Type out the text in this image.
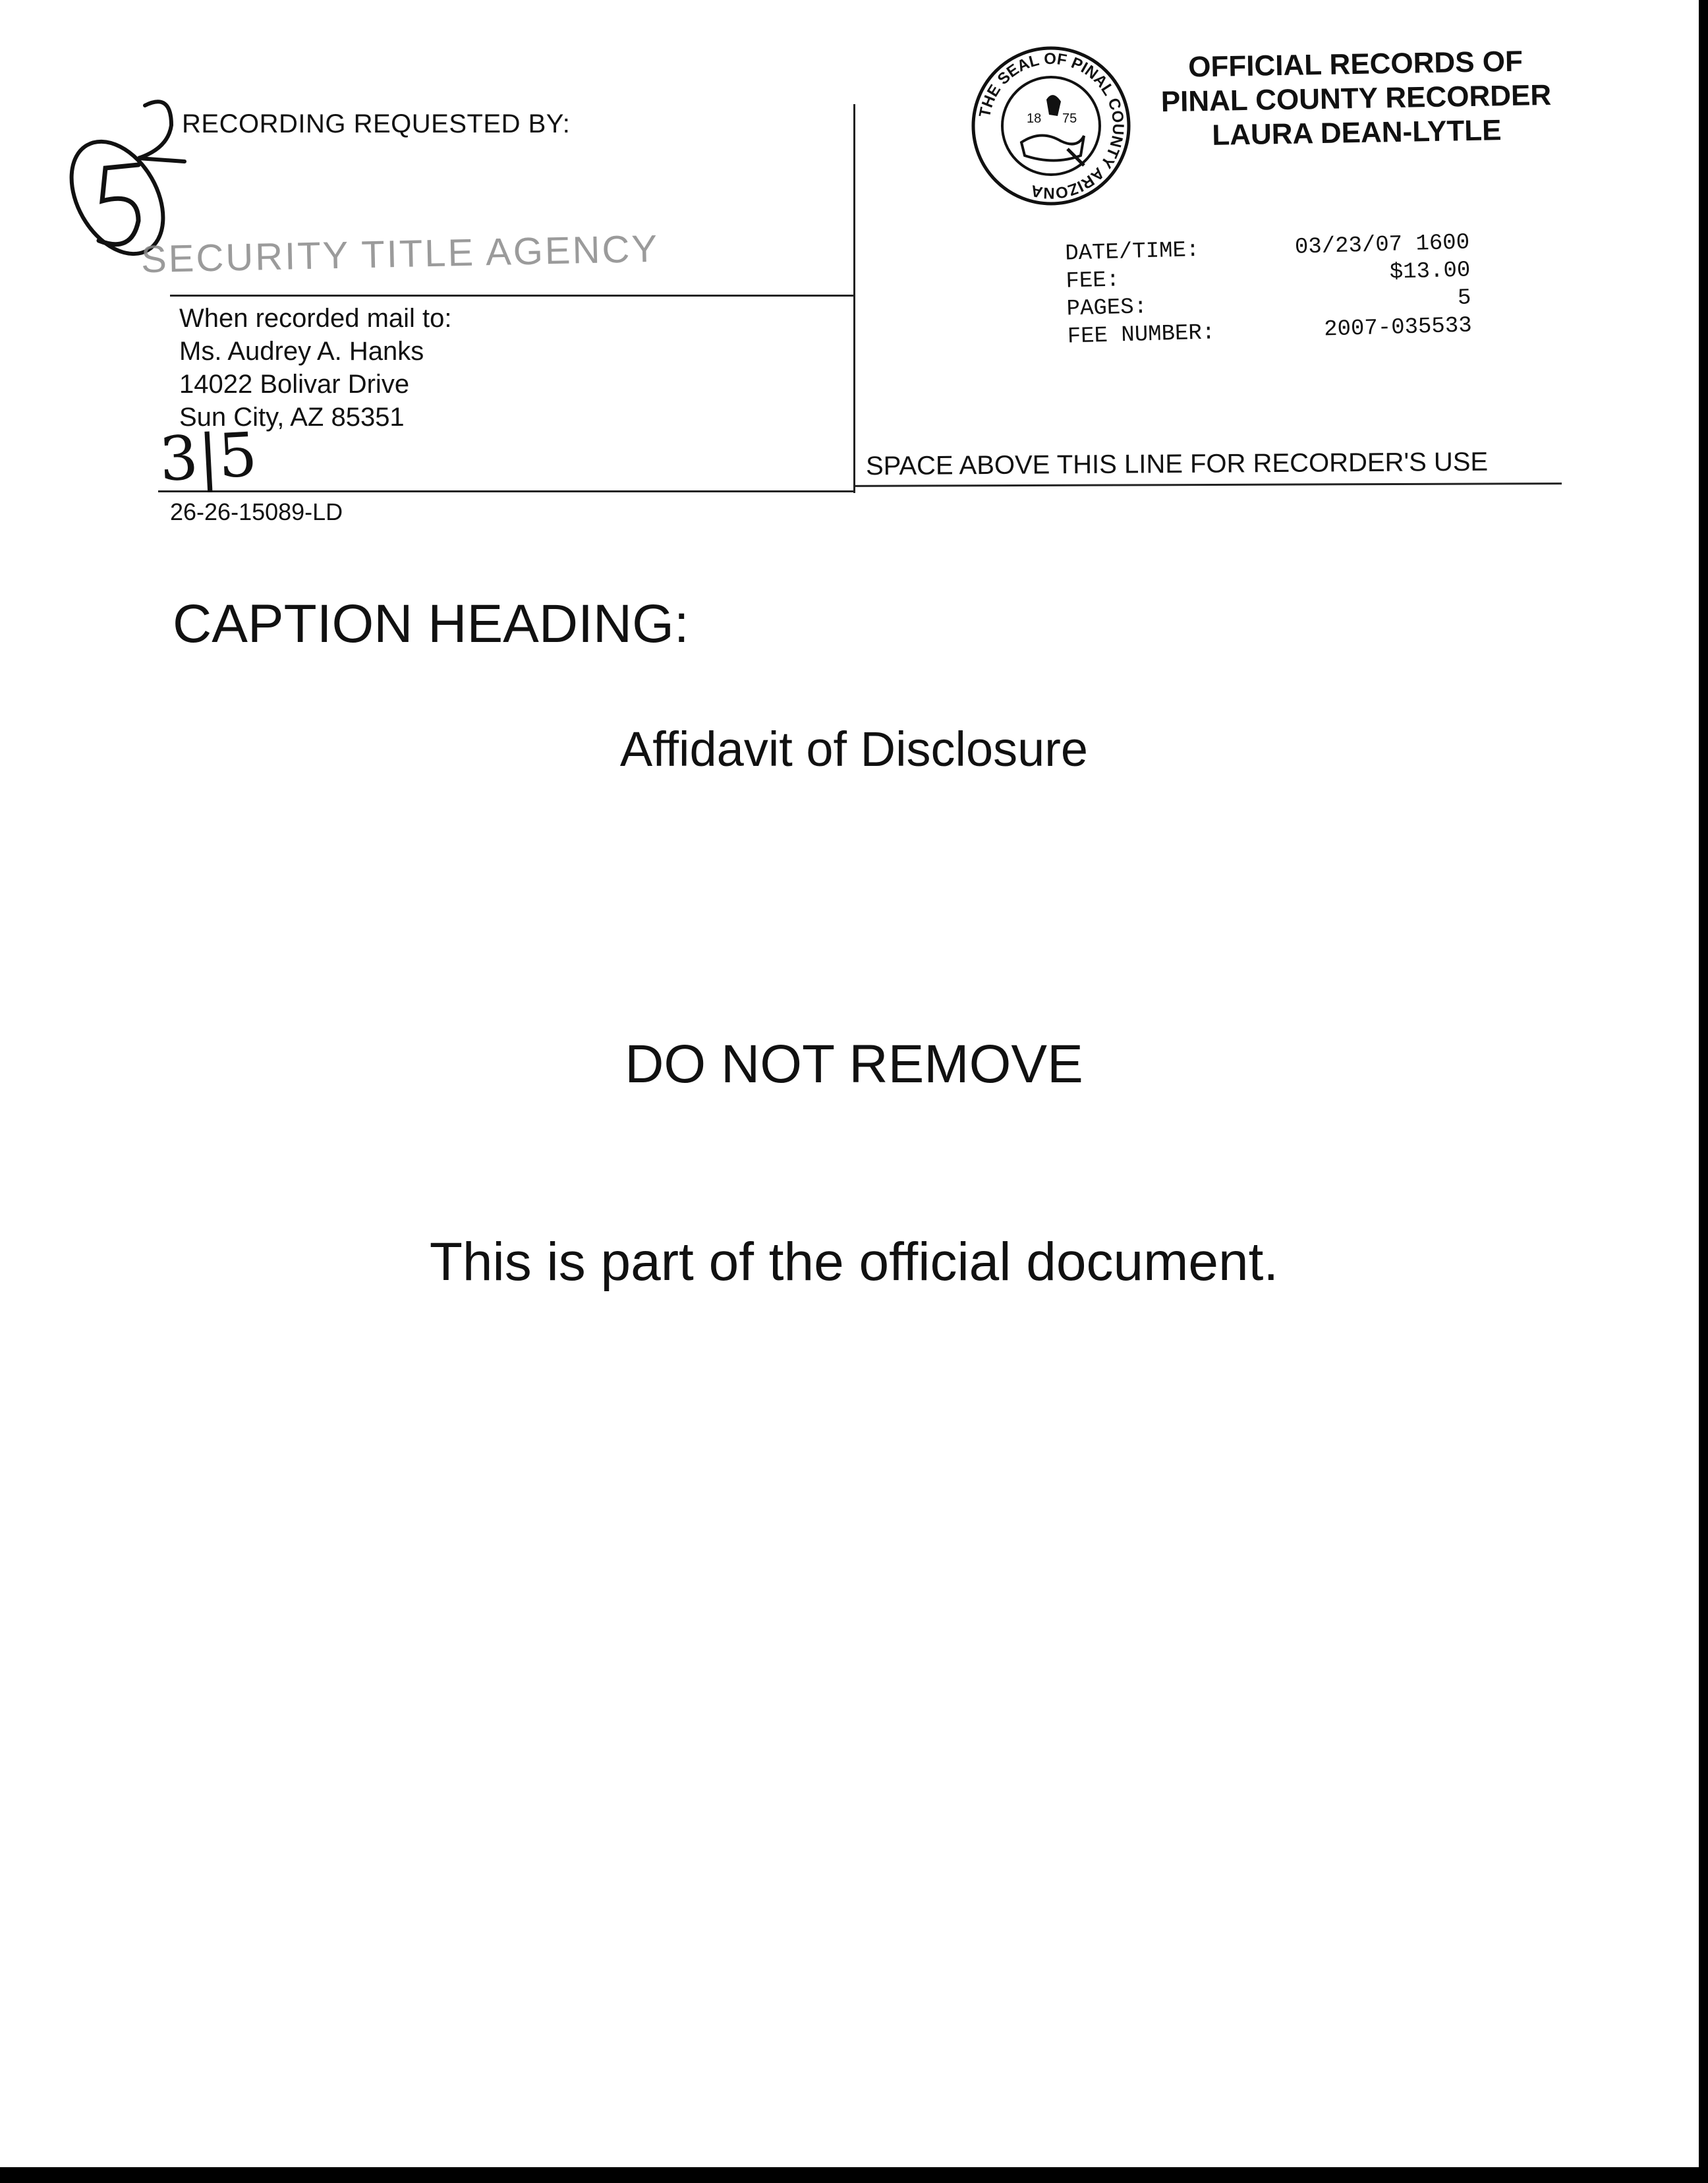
RECORDING REQUESTED BY:
SECURITY TITLE AGENCY
When recorded mail to:
Ms. Audrey A. Hanks
14022 Bolivar Drive
Sun City, AZ 85351
3|5
26-26-15089-LD
THE SEAL OF PINAL COUNTY ARIZONA
18 75
OFFICIAL RECORDS OF
PINAL COUNTY RECORDER
LAURA DEAN-LYTLE
DATE/TIME:	03/23/07 1600
FEE:	$13.00
PAGES:	5
FEE NUMBER:	2007-035533
SPACE ABOVE THIS LINE FOR RECORDER'S USE
CAPTION HEADING:
Affidavit of Disclosure
DO NOT REMOVE
This is part of the official document.
